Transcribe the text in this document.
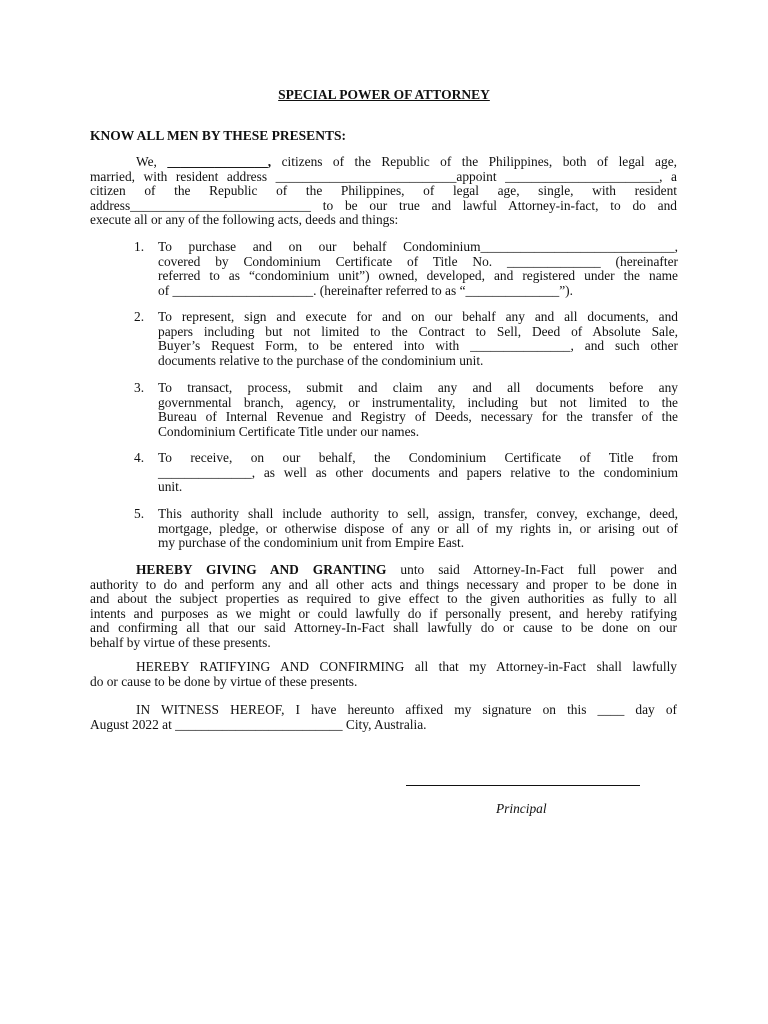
SPECIAL POWER OF ATTORNEY
KNOW ALL MEN BY THESE PRESENTS:
We, _______________, citizens of the Republic of the Philippines, both of legal age,
married, with resident address ___________________________appoint _______________________, a
citizen of the Republic of the Philippines, of legal age, single, with resident
address___________________________ to be our true and lawful Attorney-in-fact, to do and
execute all or any of the following acts, deeds and things:
1. To purchase and on our behalf Condominium_____________________________,
covered by Condominium Certificate of Title No. ______________ (hereinafter
referred to as “condominium unit”) owned, developed, and registered under the name
of _____________________. (hereinafter referred to as “______________”).
2. To represent, sign and execute for and on our behalf any and all documents, and
papers including but not limited to the Contract to Sell, Deed of Absolute Sale,
Buyer’s Request Form, to be entered into with _______________, and such other
documents relative to the purchase of the condominium unit.
3. To transact, process, submit and claim any and all documents before any
governmental branch, agency, or instrumentality, including but not limited to the
Bureau of Internal Revenue and Registry of Deeds, necessary for the transfer of the
Condominium Certificate Title under our names.
4. To receive, on our behalf, the Condominium Certificate of Title from
______________, as well as other documents and papers relative to the condominium
unit.
5. This authority shall include authority to sell, assign, transfer, convey, exchange, deed,
mortgage, pledge, or otherwise dispose of any or all of my rights in, or arising out of
my purchase of the condominium unit from Empire East.
HEREBY GIVING AND GRANTING unto said Attorney-In-Fact full power and
authority to do and perform any and all other acts and things necessary and proper to be done in
and about the subject properties as required to give effect to the given authorities as fully to all
intents and purposes as we might or could lawfully do if personally present, and hereby ratifying
and confirming all that our said Attorney-In-Fact shall lawfully do or cause to be done on our
behalf by virtue of these presents.
HEREBY RATIFYING AND CONFIRMING all that my Attorney-in-Fact shall lawfully
do or cause to be done by virtue of these presents.
IN WITNESS HEREOF, I have hereunto affixed my signature on this ____ day of
August 2022 at _________________________ City, Australia.
Principal
